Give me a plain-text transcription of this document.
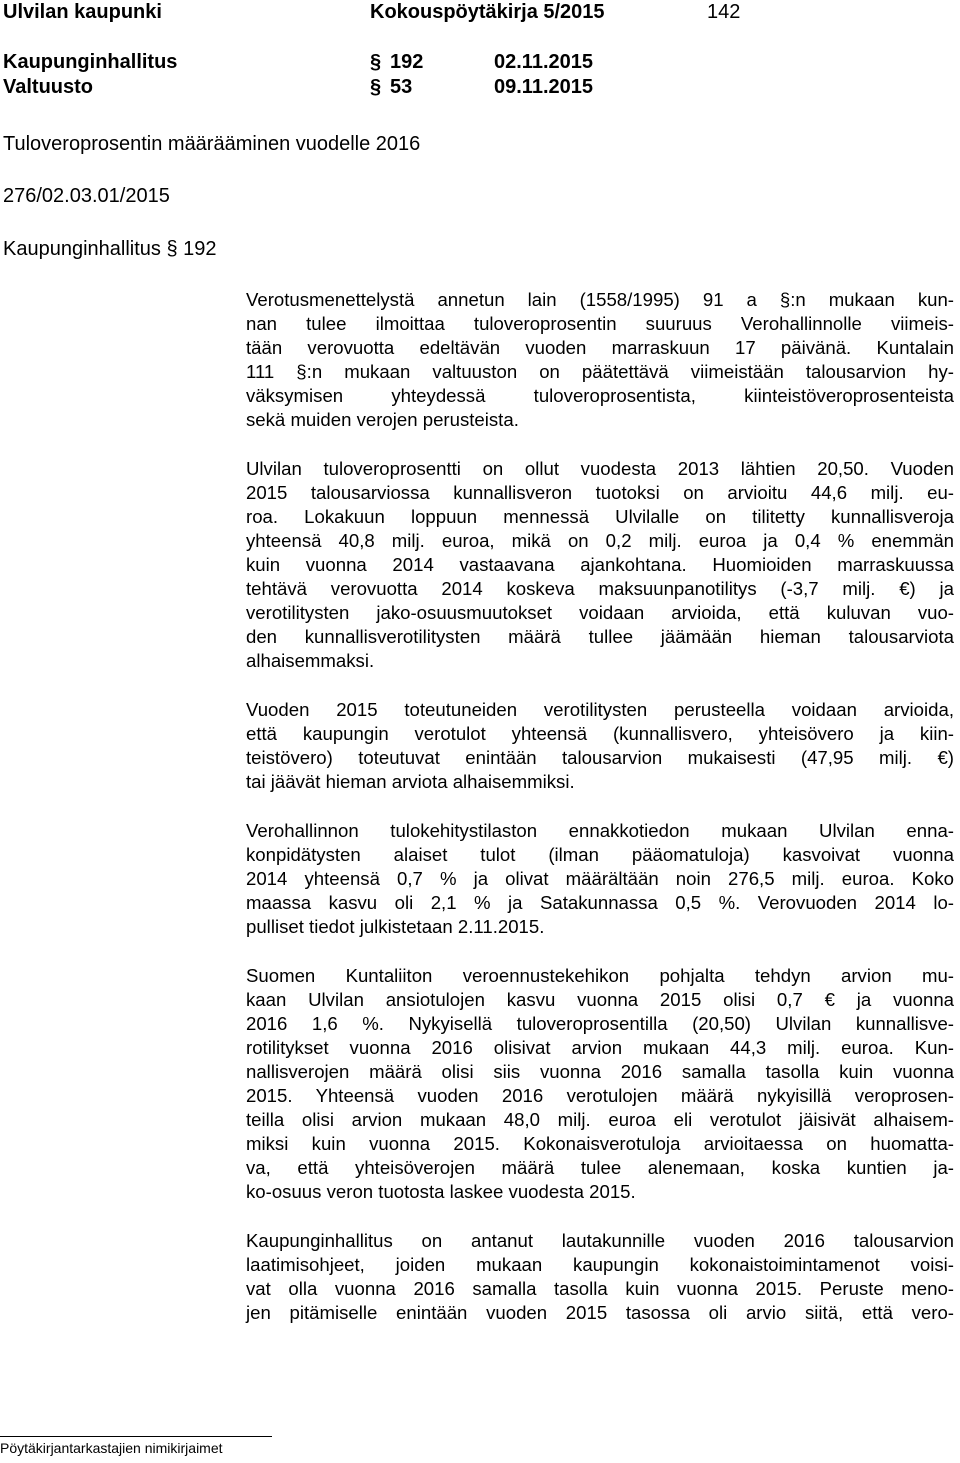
Ulvilan kaupunki	Kokouspöytäkirja 5/2015	142
Kaupunginhallitus	§ 192	02.11.2015
Valtuusto	§ 53	09.11.2015
Tuloveroprosentin määrääminen vuodelle 2016
276/02.03.01/2015
Kaupunginhallitus § 192
Verotusmenettelystä annetun lain (1558/1995) 91 a §:n mukaan kun-
nan tulee ilmoittaa tuloveroprosentin suuruus Verohallinnolle viimeis-
tään verovuotta edeltävän vuoden marraskuun 17 päivänä. Kuntalain
111 §:n mukaan valtuuston on päätettävä viimeistään talousarvion hy-
väksymisen yhteydessä tuloveroprosentista, kiinteistöveroprosenteista
sekä muiden verojen perusteista.
Ulvilan tuloveroprosentti on ollut vuodesta 2013 lähtien 20,50. Vuoden
2015 talousarviossa kunnallisveron tuotoksi on arvioitu 44,6 milj. eu-
roa. Lokakuun loppuun mennessä Ulvilalle on tilitetty kunnallisveroja
yhteensä 40,8 milj. euroa, mikä on 0,2 milj. euroa ja 0,4 % enemmän
kuin vuonna 2014 vastaavana ajankohtana. Huomioiden marraskuussa
tehtävä verovuotta 2014 koskeva maksuunpanotilitys (-3,7 milj. €) ja
verotilitysten jako-osuusmuutokset voidaan arvioida, että kuluvan vuo-
den kunnallisverotilitysten määrä tullee jäämään hieman talousarviota
alhaisemmaksi.
Vuoden 2015 toteutuneiden verotilitysten perusteella voidaan arvioida,
että kaupungin verotulot yhteensä (kunnallisvero, yhteisövero ja kiin-
teistövero) toteutuvat enintään talousarvion mukaisesti (47,95 milj. €)
tai jäävät hieman arviota alhaisemmiksi.
Verohallinnon tulokehitystilaston ennakkotiedon mukaan Ulvilan enna-
konpidätysten alaiset tulot (ilman pääomatuloja) kasvoivat vuonna
2014 yhteensä 0,7 % ja olivat määrältään noin 276,5 milj. euroa. Koko
maassa kasvu oli 2,1 % ja Satakunnassa 0,5 %. Verovuoden 2014 lo-
pulliset tiedot julkistetaan 2.11.2015.
Suomen Kuntaliiton veroennustekehikon pohjalta tehdyn arvion mu-
kaan Ulvilan ansiotulojen kasvu vuonna 2015 olisi 0,7 € ja vuonna
2016 1,6 %. Nykyisellä tuloveroprosentilla (20,50) Ulvilan kunnallisve-
rotilitykset vuonna 2016 olisivat arvion mukaan 44,3 milj. euroa. Kun-
nallisverojen määrä olisi siis vuonna 2016 samalla tasolla kuin vuonna
2015. Yhteensä vuoden 2016 verotulojen määrä nykyisillä veroprosen-
teilla olisi arvion mukaan 48,0 milj. euroa eli verotulot jäisivät alhaisem-
miksi kuin vuonna 2015. Kokonaisverotuloja arvioitaessa on huomatta-
va, että yhteisöverojen määrä tulee alenemaan, koska kuntien ja-
ko-osuus veron tuotosta laskee vuodesta 2015.
Kaupunginhallitus on antanut lautakunnille vuoden 2016 talousarvion
laatimisohjeet, joiden mukaan kaupungin kokonaistoimintamenot voisi-
vat olla vuonna 2016 samalla tasolla kuin vuonna 2015. Peruste meno-
jen pitämiselle enintään vuoden 2015 tasossa oli arvio siitä, että vero-
Pöytäkirjantarkastajien nimikirjaimet
